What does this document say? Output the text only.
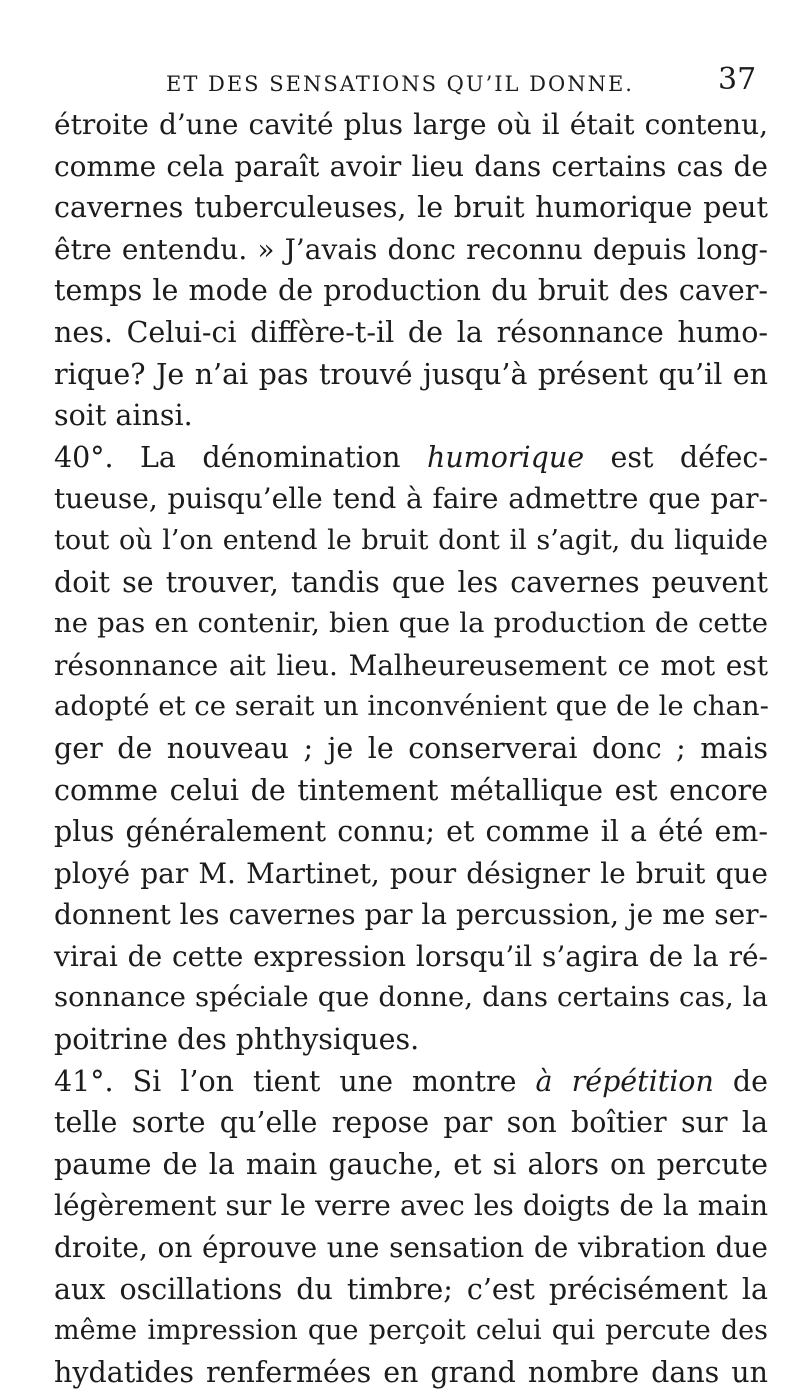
ET DES SENSATIONS QU’IL DONNE.	37
étroite d’une cavité plus large où il était contenu,
comme cela paraît avoir lieu dans certains cas de
cavernes tuberculeuses, le bruit humorique peut
être entendu. » J’avais donc reconnu depuis long-
temps le mode de production du bruit des caver-
nes. Celui-ci diffère-t-il de la résonnance humo-
rique? Je n’ai pas trouvé jusqu’à présent qu’il en
soit ainsi.
40°. La dénomination humorique est défec-
tueuse, puisqu’elle tend à faire admettre que par-
tout où l’on entend le bruit dont il s’agit, du liquide
doit se trouver, tandis que les cavernes peuvent
ne pas en contenir, bien que la production de cette
résonnance ait lieu. Malheureusement ce mot est
adopté et ce serait un inconvénient que de le chan-
ger de nouveau ; je le conserverai donc ; mais
comme celui de tintement métallique est encore
plus généralement connu; et comme il a été em-
ployé par M. Martinet, pour désigner le bruit que
donnent les cavernes par la percussion, je me ser-
virai de cette expression lorsqu’il s’agira de la ré-
sonnance spéciale que donne, dans certains cas, la
poitrine des phthysiques.
41°. Si l’on tient une montre à répétition de
telle sorte qu’elle repose par son boîtier sur la
paume de la main gauche, et si alors on percute
légèrement sur le verre avec les doigts de la main
droite, on éprouve une sensation de vibration due
aux oscillations du timbre; c’est précisément la
même impression que perçoit celui qui percute des
hydatides renfermées en grand nombre dans un
